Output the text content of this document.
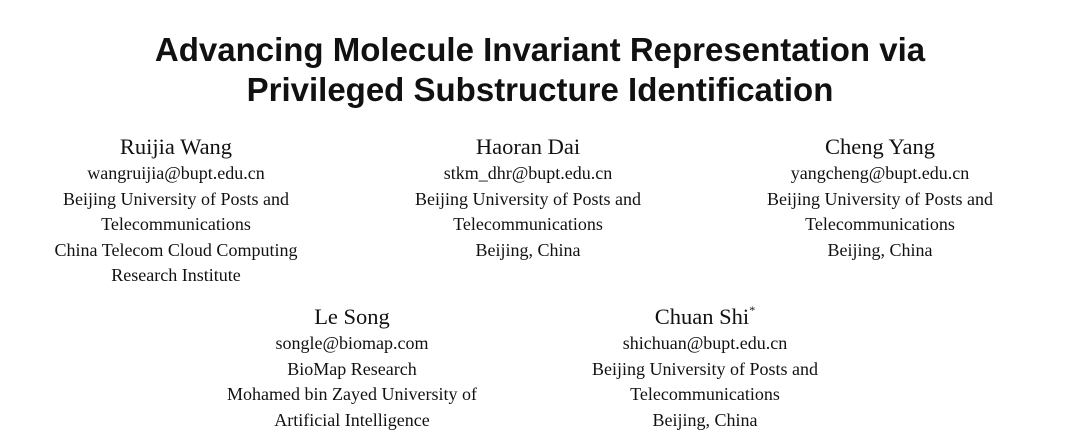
Advancing Molecule Invariant Representation via
Privileged Substructure Identification
Ruijia Wang
wangruijia@bupt.edu.cn
Beijing University of Posts and
Telecommunications
China Telecom Cloud Computing
Research Institute
Haoran Dai
stkm_dhr@bupt.edu.cn
Beijing University of Posts and
Telecommunications
Beijing, China
Cheng Yang
yangcheng@bupt.edu.cn
Beijing University of Posts and
Telecommunications
Beijing, China
Le Song
songle@biomap.com
BioMap Research
Mohamed bin Zayed University of
Artificial Intelligence
Chuan Shi*
shichuan@bupt.edu.cn
Beijing University of Posts and
Telecommunications
Beijing, China
